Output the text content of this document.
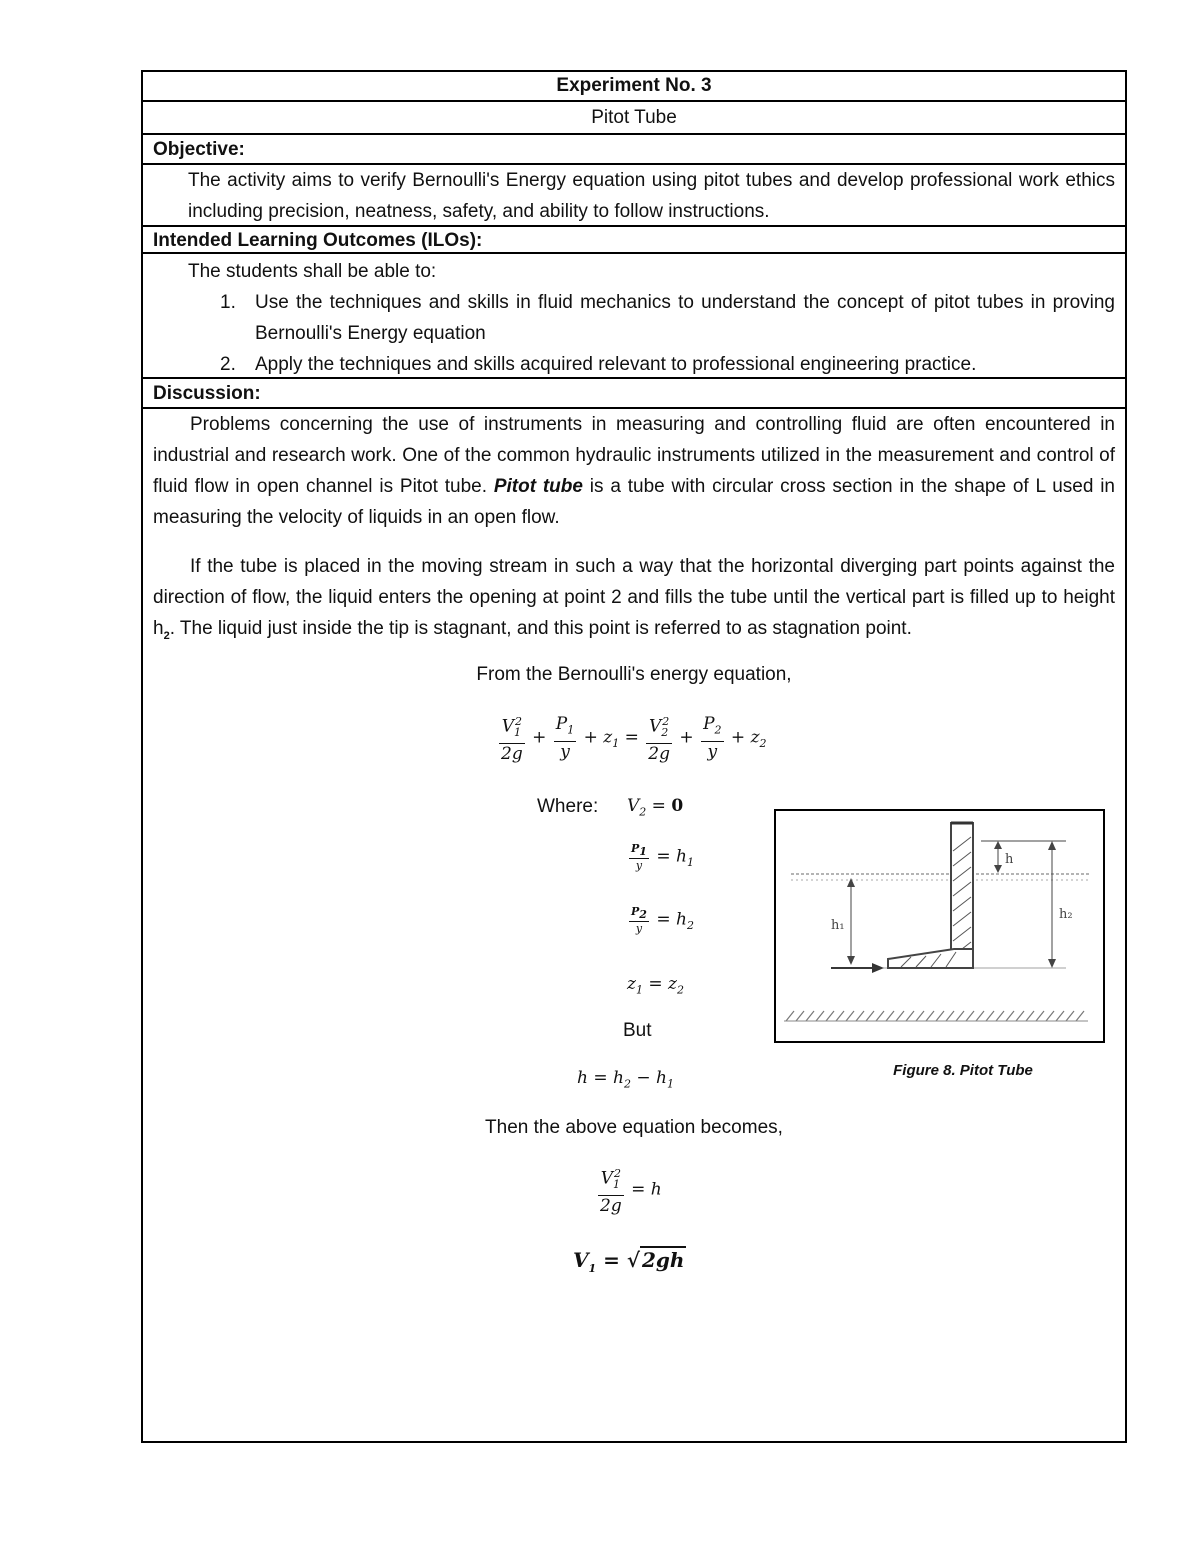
Experiment No. 3
Pitot Tube
Objective:
The activity aims to verify Bernoulli's Energy equation using pitot tubes and develop professional work ethics including precision, neatness, safety, and ability to follow instructions.
Intended Learning Outcomes (ILOs):
The students shall be able to:
1. Use the techniques and skills in fluid mechanics to understand the concept of pitot tubes in proving Bernoulli's Energy equation
2. Apply the techniques and skills acquired relevant to professional engineering practice.
Discussion:

Problems concerning the use of instruments in measuring and controlling fluid are often encountered in industrial and research work. One of the common hydraulic instruments utilized in the measurement and control of fluid flow in open channel is Pitot tube. Pitot tube is a tube with circular cross section in the shape of L used in measuring the velocity of liquids in an open flow.

If the tube is placed in the moving stream in such a way that the horizontal diverging part points against the direction of flow, the liquid enters the opening at point 2 and fills the tube until the vertical part is filled up to height $h_2$. The liquid just inside the tip is stagnant, and this point is referred to as stagnation point.

From the Bernoulli's energy equation,
$\frac{V_1^2}{2g} + \frac{P_1}{y} + z_1 = \frac{V_2^2}{2g} + \frac{P_2}{y} + z_2$
Where: $V_2 = 0$
$\frac{P_1}{y} = h_1$
$\frac{P_2}{y} = h_2$
$z_1 = z_2$
But
$h = h_2 - h_1$
Then the above equation becomes,
$\frac{V_1^2}{2g} = h$
$V_1$ = √ 2gh
h₁
h
h₂
Figure 8. Pitot Tube
